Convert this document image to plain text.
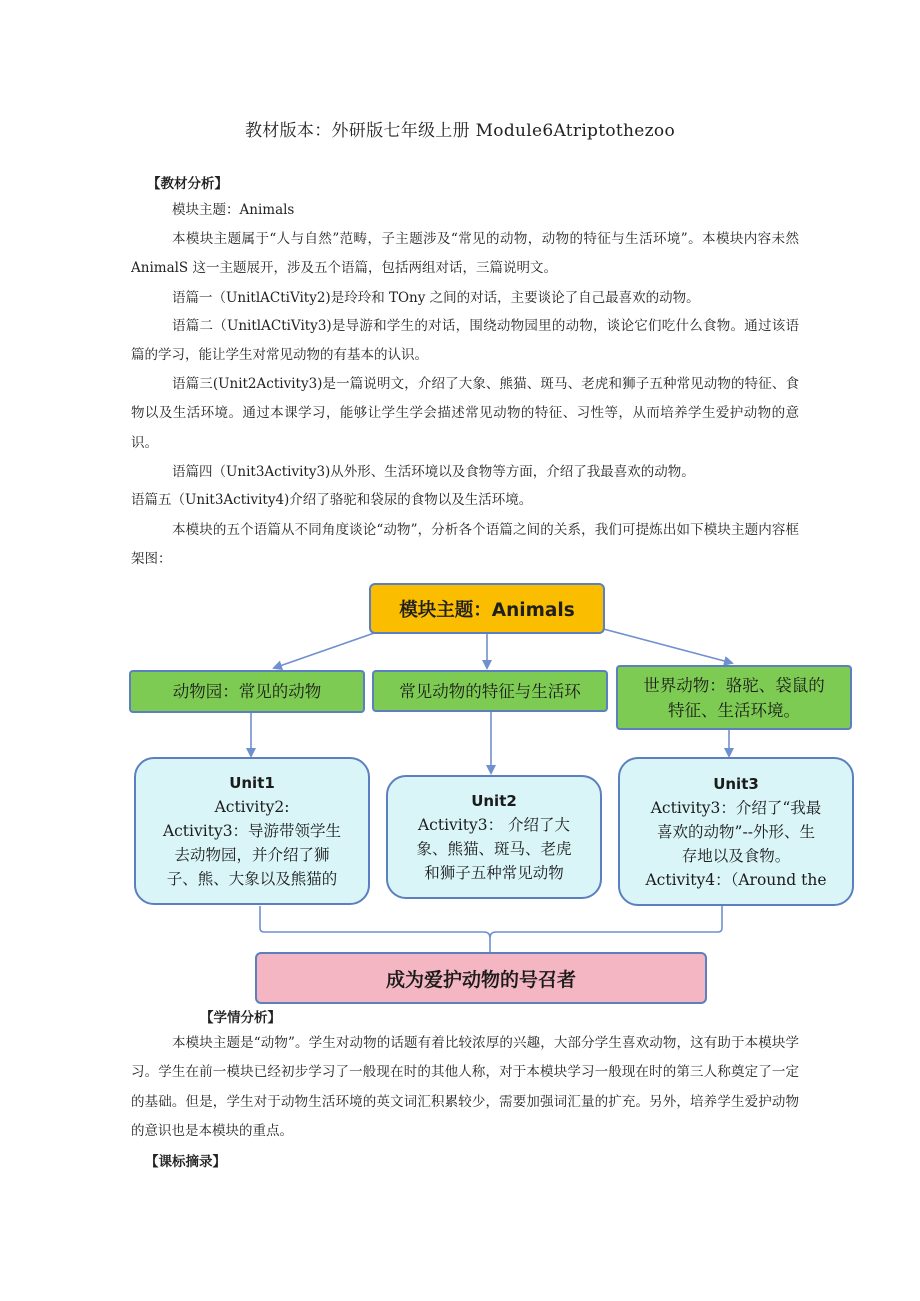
教材版本：外研版七年级上册 Module6Atriptothezoo
【教材分析】

模块主题：Animals

本模块主题属于“人与自然”范畴，子主题涉及“常见的动物，动物的特征与生活环境”。本模块内容未然 AnimalS 这一主题展开，涉及五个语篇，包括两组对话，三篇说明文。

语篇一（UnitlACtiVity2)是玲玲和 TOny 之间的对话，主要谈论了自己最喜欢的动物。

语篇二（UnitlACtiVity3)是导游和学生的对话，围绕动物园里的动物，谈论它们吃什么食物。通过该语篇的学习，能让学生对常见动物的有基本的认识。

语篇三(Unit2Activity3)是一篇说明文，介绍了大象、熊猫、斑马、老虎和狮子五种常见动物的特征、食物以及生活环境。通过本课学习，能够让学生学会描述常见动物的特征、习性等，从而培养学生爱护动物的意识。

语篇四（Unit3Activity3)从外形、生活环境以及食物等方面，介绍了我最喜欢的动物。

语篇五（Unit3Activity4)介绍了骆驼和袋尿的食物以及生活环境。

本模块的五个语篇从不同角度谈论“动物”，分析各个语篇之间的关系，我们可提炼出如下模块主题内容框架图：

模块主题：Animals
动物园：常见的动物	常见动物的特征与生活环	世界动物：骆驼、袋鼠的
特征、生活环境。
Unit1
Activity2:
Activity3：导游带领学生
去动物园，并介绍了狮
子、熊、大象以及熊猫的
Unit2
Activity3： 介绍了大
象、熊猫、斑马、老虎
和狮子五种常见动物
Unit3
Activity3：介绍了“我最
喜欢的动物”--外形、生
存地以及食物。
Activity4：（Around the
成为爱护动物的号召者
【学情分析】

本模块主题是“动物”。学生对动物的话题有着比较浓厚的兴趣，大部分学生喜欢动物，这有助于本模块学习。学生在前一模块已经初步学习了一般现在时的其他人称，对于本模块学习一般现在时的第三人称奠定了一定的基础。但是，学生对于动物生活环境的英文词汇积累较少，需要加强词汇量的扩充。另外，培养学生爱护动物的意识也是本模块的重点。

【课标摘录】
